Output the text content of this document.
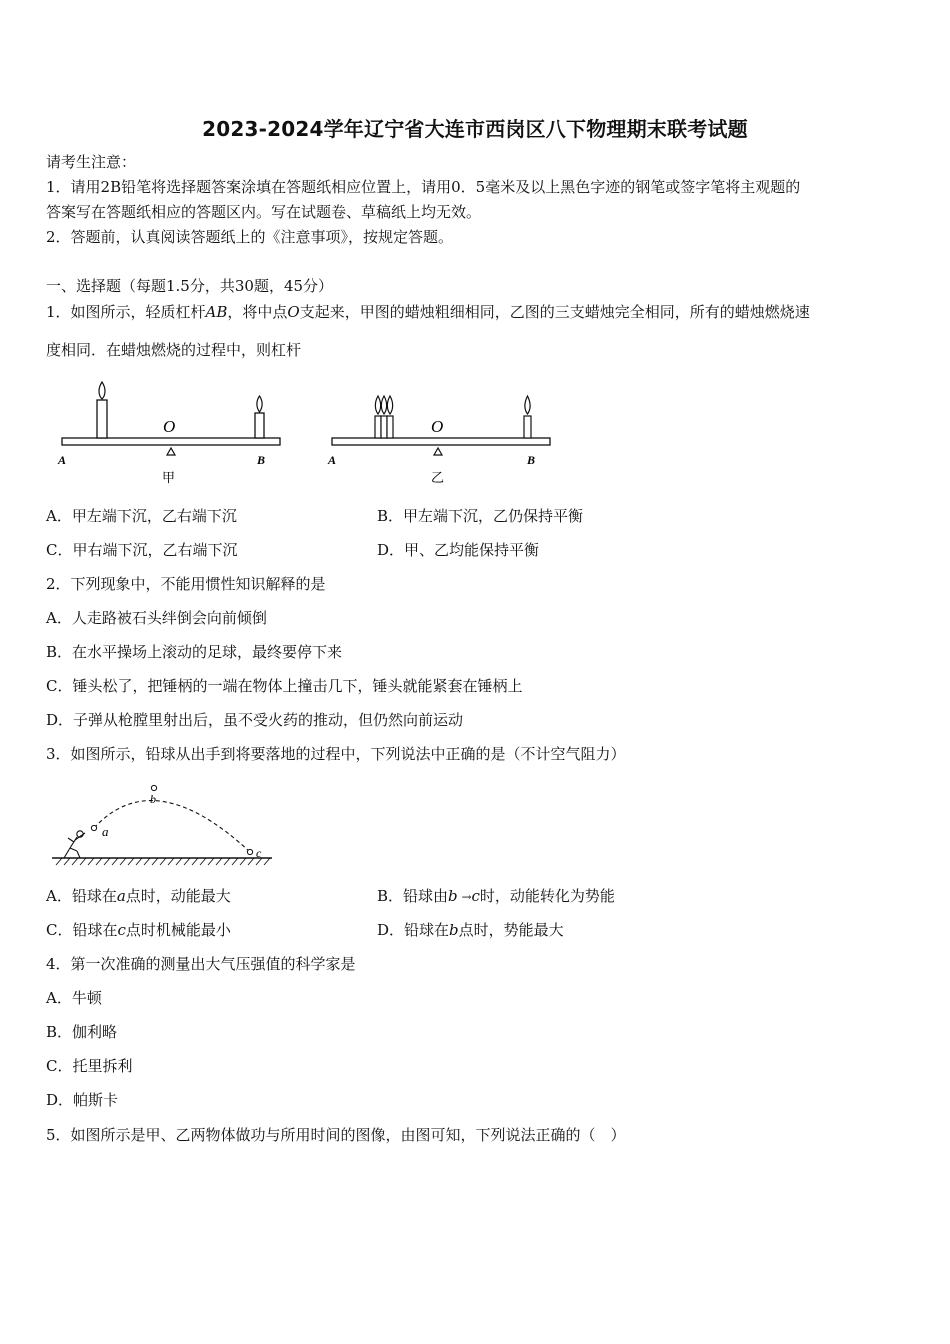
2023-2024学年辽宁省大连市西岗区八下物理期末联考试题
请考生注意：
1．请用2B铅笔将选择题答案涂填在答题纸相应位置上，请用0．5毫米及以上黑色字迹的钢笔或签字笔将主观题的
答案写在答题纸相应的答题区内。写在试题卷、草稿纸上均无效。
2．答题前，认真阅读答题纸上的《注意事项》，按规定答题。
一、选择题（每题1.5分，共30题，45分）
1．如图所示，轻质杠杆AB，将中点O支起来，甲图的蜡烛粗细相同，乙图的三支蜡烛完全相同，所有的蜡烛燃烧速
度相同．在蜡烛燃烧的过程中，则杠杆
O
A	B
甲
O
A	B
乙
A．甲左端下沉，乙右端下沉	B．甲左端下沉，乙仍保持平衡
C．甲右端下沉，乙右端下沉	D．甲、乙均能保持平衡
2．下列现象中，不能用惯性知识解释的是
A．人走路被石头绊倒会向前倾倒
B．在水平操场上滚动的足球，最终要停下来
C．锤头松了，把锤柄的一端在物体上撞击几下，锤头就能紧套在锤柄上
D．子弹从枪膛里射出后，虽不受火药的推动，但仍然向前运动
3．如图所示，铅球从出手到将要落地的过程中，下列说法中正确的是（不计空气阻力）
a
b
c
A．铅球在a点时，动能最大	B．铅球由b →c时，动能转化为势能
C．铅球在c点时机械能最小	D．铅球在b点时，势能最大
4．第一次准确的测量出大气压强值的科学家是
A．牛顿
B．伽利略
C．托里拆利
D．帕斯卡
5．如图所示是甲、乙两物体做功与所用时间的图像，由图可知，下列说法正确的（　）
